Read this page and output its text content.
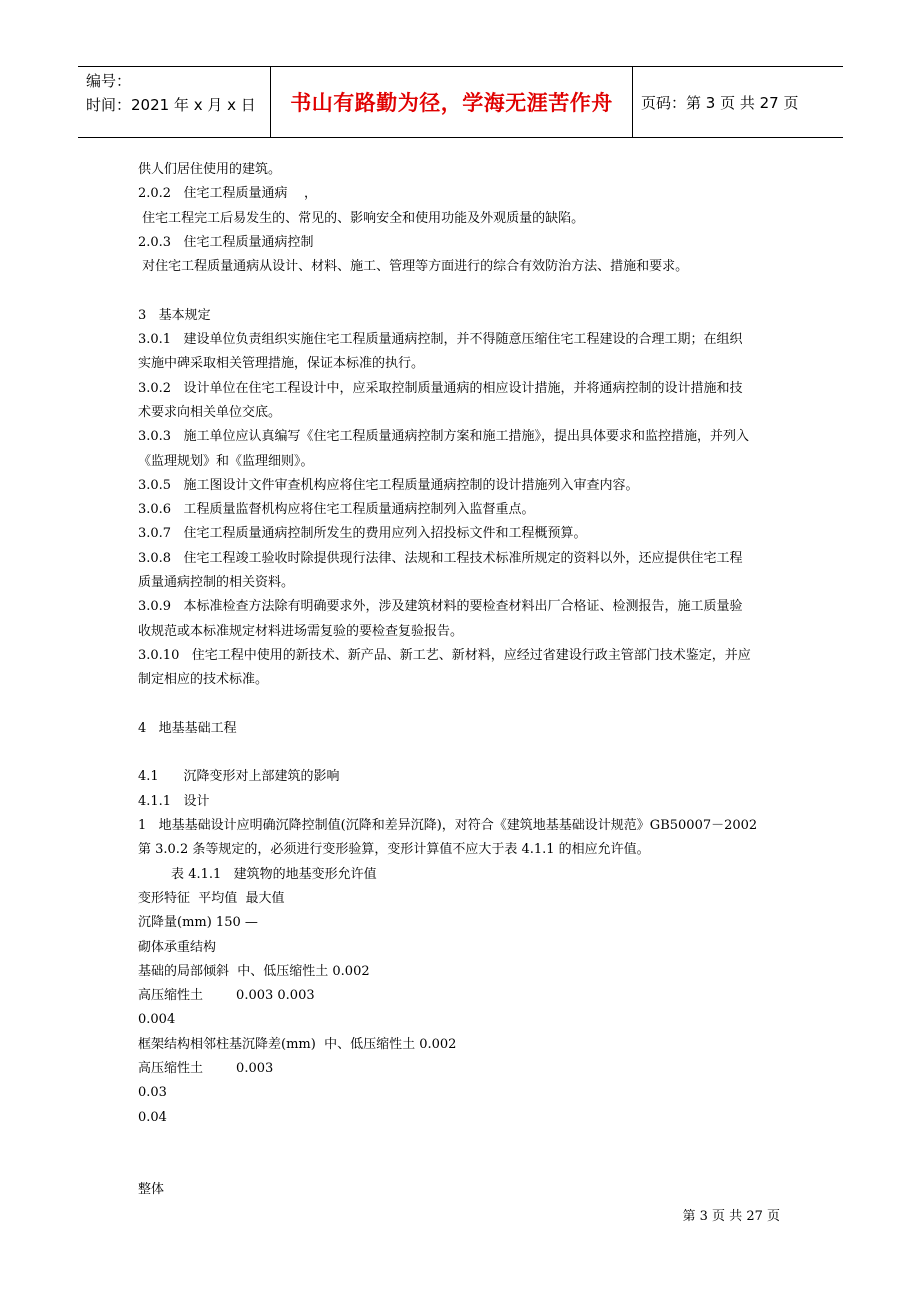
编号：
时间：2021 年 x 月 x 日	书山有路勤为径，学海无涯苦作舟 页码：第 3 页 共 27 页
供人们居住使用的建筑。
2.0.2   住宅工程质量通病    ，
住宅工程完工后易发生的、常见的、影响安全和使用功能及外观质量的缺陷。
2.0.3   住宅工程质量通病控制
对住宅工程质量通病从设计、材料、施工、管理等方面进行的综合有效防治方法、措施和要求。
3   基本规定
3.0.1   建设单位负责组织实施住宅工程质量通病控制，并不得随意压缩住宅工程建设的合理工期；在组织
实施中碑采取相关管理措施，保证本标准的执行。
3.0.2   设计单位在住宅工程设计中，应采取控制质量通病的相应设计措施，并将通病控制的设计措施和技
术要求向相关单位交底。
3.0.3   施工单位应认真编写《住宅工程质量通病控制方案和施工措施》，提出具体要求和监控措施，并列入
《监理规划》和《监理细则》。
3.0.5   施工图设计文件审查机构应将住宅工程质量通病控制的设计措施列入审查内容。
3.0.6   工程质量监督机构应将住宅工程质量通病控制列入监督重点。
3.0.7   住宅工程质量通病控制所发生的费用应列入招投标文件和工程概预算。
3.0.8   住宅工程竣工验收时除提供现行法律、法规和工程技术标准所规定的资料以外，还应提供住宅工程
质量通病控制的相关资料。
3.0.9   本标准检查方法除有明确要求外，涉及建筑材料的要检查材料出厂合格证、检测报告，施工质量验
收规范或本标准规定材料进场需复验的要检查复验报告。
3.0.10   住宅工程中使用的新技术、新产品、新工艺、新材料，应经过省建设行政主管部门技术鉴定，并应
制定相应的技术标准。
4   地基基础工程
4.1      沉降变形对上部建筑的影响
4.1.1   设计
1   地基基础设计应明确沉降控制值(沉降和差异沉降)，对符合《建筑地基基础设计规范》GB50007－2002
第 3.0.2 条等规定的，必须进行变形验算，变形计算值不应大于表 4.1.1 的相应允许值。
表 4.1.1   建筑物的地基变形允许值
变形特征  平均值  最大值
沉降量(mm) 150 —
砌体承重结构
基础的局部倾斜  中、低压缩性土 0.002
高压缩性土        0.003 0.003
0.004
框架结构相邻柱基沉降差(mm)  中、低压缩性土 0.002
高压缩性土        0.003
0.03
0.04
整体
第 3 页 共 27 页
